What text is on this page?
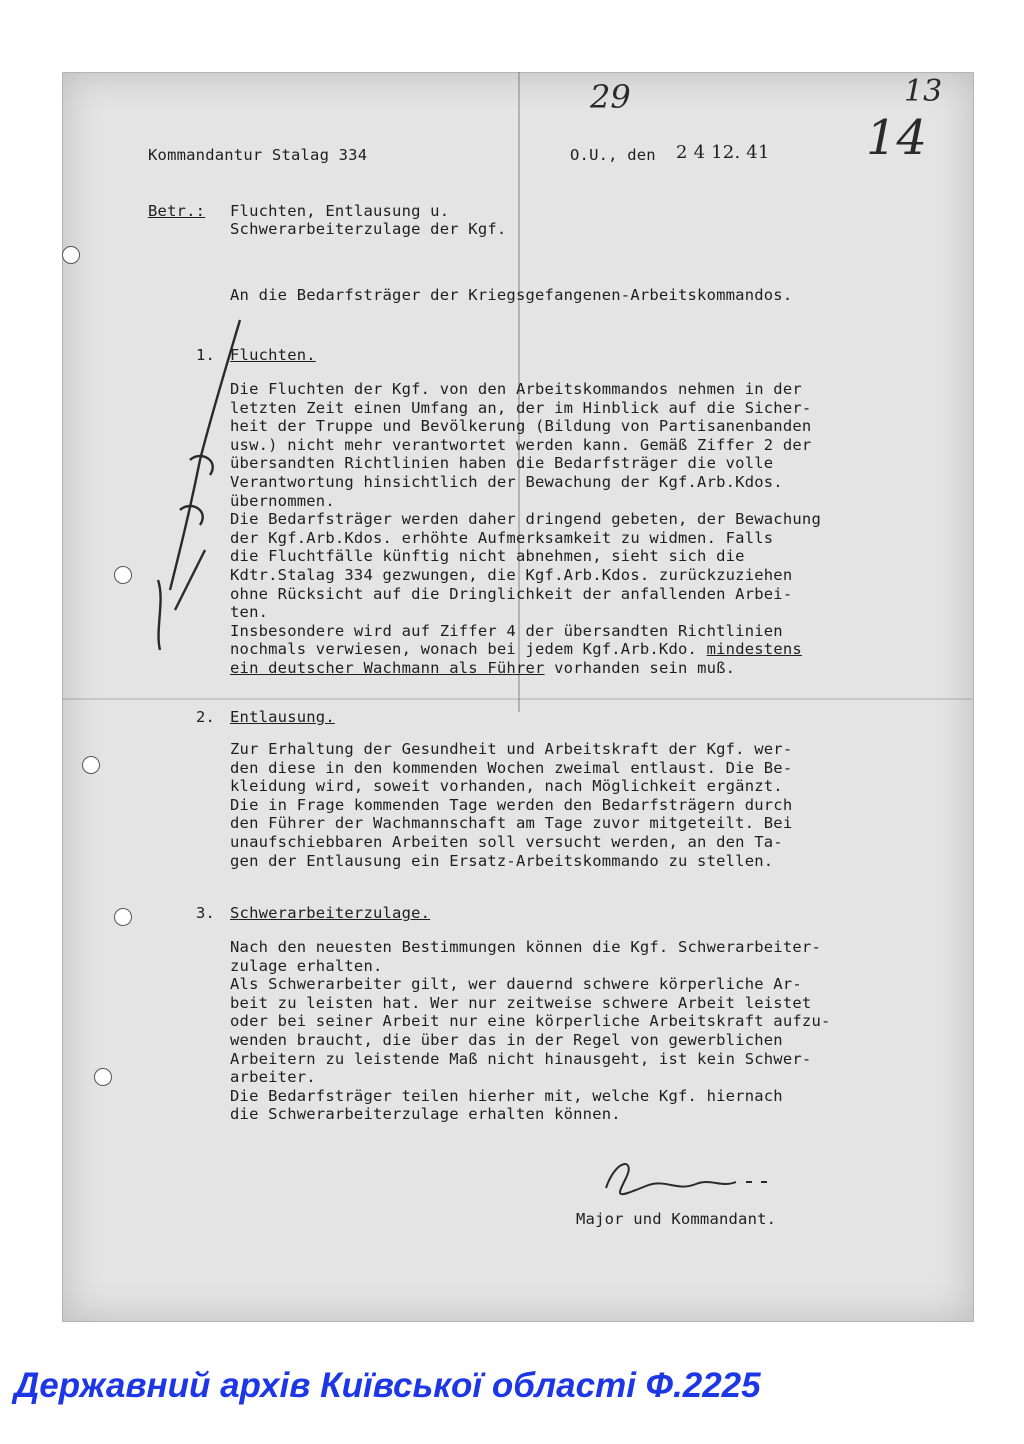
29	13
14
Kommandantur Stalag 334	O.U., den 2 4 12. 41
Betr.: Fluchten, Entlausung u.
Schwerarbeiterzulage der Kgf.
An die Bedarfsträger der Kriegsgefangenen-Arbeitskommandos.
1. Fluchten.
Die Fluchten der Kgf. von den Arbeitskommandos nehmen in der
letzten Zeit einen Umfang an, der im Hinblick auf die Sicher-
heit der Truppe und Bevölkerung (Bildung von Partisanenbanden
usw.) nicht mehr verantwortet werden kann. Gemäß Ziffer 2 der
übersandten Richtlinien haben die Bedarfsträger die volle
Verantwortung hinsichtlich der Bewachung der Kgf.Arb.Kdos.
übernommen.
Die Bedarfsträger werden daher dringend gebeten, der Bewachung
der Kgf.Arb.Kdos. erhöhte Aufmerksamkeit zu widmen. Falls
die Fluchtfälle künftig nicht abnehmen, sieht sich die
Kdtr.Stalag 334 gezwungen, die Kgf.Arb.Kdos. zurückzuziehen
ohne Rücksicht auf die Dringlichkeit der anfallenden Arbei-
ten.
Insbesondere wird auf Ziffer 4 der übersandten Richtlinien
nochmals verwiesen, wonach bei jedem Kgf.Arb.Kdo. mindestens
ein deutscher Wachmann als Führer vorhanden sein muß.
2. Entlausung.
Zur Erhaltung der Gesundheit und Arbeitskraft der Kgf. wer-
den diese in den kommenden Wochen zweimal entlaust. Die Be-
kleidung wird, soweit vorhanden, nach Möglichkeit ergänzt.
Die in Frage kommenden Tage werden den Bedarfsträgern durch
den Führer der Wachmannschaft am Tage zuvor mitgeteilt. Bei
unaufschiebbaren Arbeiten soll versucht werden, an den Ta-
gen der Entlausung ein Ersatz-Arbeitskommando zu stellen.
3. Schwerarbeiterzulage.
Nach den neuesten Bestimmungen können die Kgf. Schwerarbeiter-
zulage erhalten.
Als Schwerarbeiter gilt, wer dauernd schwere körperliche Ar-
beit zu leisten hat. Wer nur zeitweise schwere Arbeit leistet
oder bei seiner Arbeit nur eine körperliche Arbeitskraft aufzu-
wenden braucht, die über das in der Regel von gewerblichen
Arbeitern zu leistende Maß nicht hinausgeht, ist kein Schwer-
arbeiter.
Die Bedarfsträger teilen hierher mit, welche Kgf. hiernach
die Schwerarbeiterzulage erhalten können.
Major und Kommandant.
Державний архів Київської області Ф.2225
